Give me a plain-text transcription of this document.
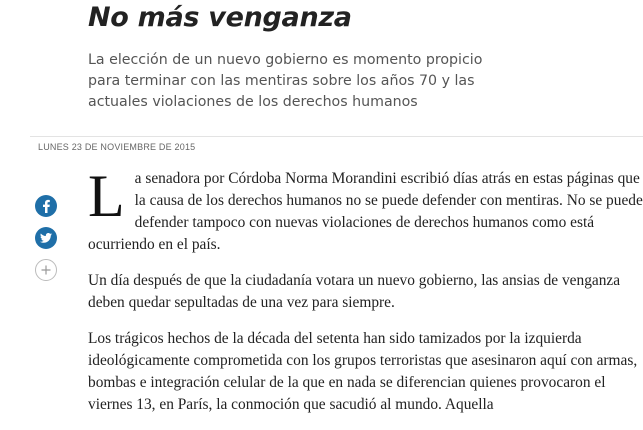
No más venganza

La elección de un nuevo gobierno es momento propicio para terminar con las mentiras sobre los años 70 y las actuales violaciones de los derechos humanos

LUNES 23 DE NOVIEMBRE DE 2015

La senadora por Córdoba Norma Morandini escribió días atrás en estas páginas que la causa de los derechos humanos no se puede defender con mentiras. No se puede defender tampoco con nuevas violaciones de derechos humanos como está ocurriendo en el país.

Un día después de que la ciudadanía votara un nuevo gobierno, las ansias de venganza deben quedar sepultadas de una vez para siempre.

Los trágicos hechos de la década del setenta han sido tamizados por la izquierda ideológicamente comprometida con los grupos terroristas que asesinaron aquí con armas, bombas e integración celular de la que en nada se diferencian quienes provocaron el viernes 13, en París, la conmoción que sacudió al mundo. Aquella
